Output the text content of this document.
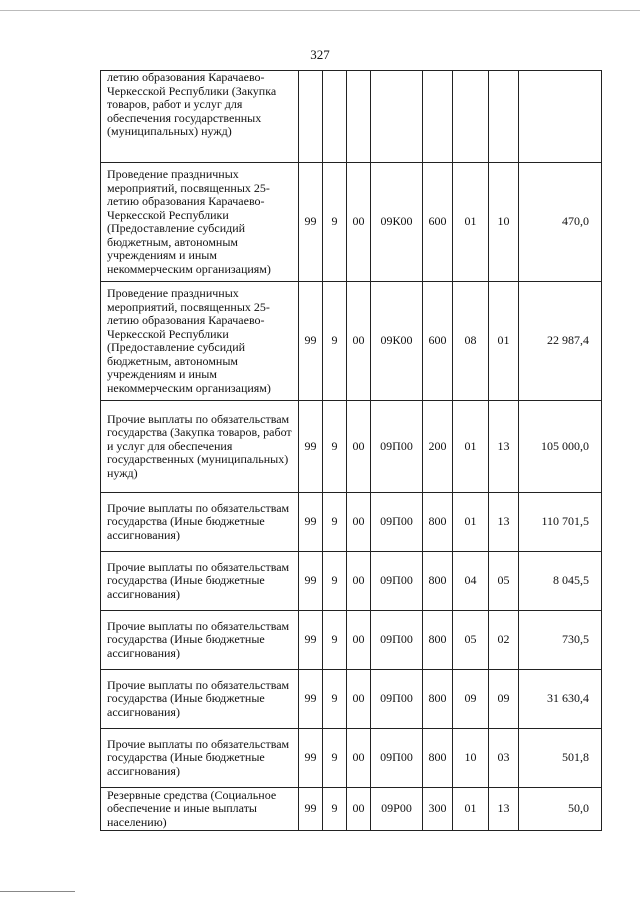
327
летию образования Карачаево-Черкесской Республики (Закупка товаров, работ и услуг для обеспечения государственных (муниципальных) нужд)								
Проведение праздничных мероприятий, посвященных 25-летию образования Карачаево-Черкесской Республики (Предоставление субсидий бюджетным, автономным учреждениям и иным некоммерческим организациям)	99	9	00	09К00	600	01	10	470,0
Проведение праздничных мероприятий, посвященных 25-летию образования Карачаево-Черкесской Республики (Предоставление субсидий бюджетным, автономным учреждениям и иным некоммерческим организациям)	99	9	00	09К00	600	08	01	22 987,4
Прочие выплаты по обязательствам государства (Закупка товаров, работ и услуг для обеспечения государственных (муниципальных) нужд)	99	9	00	09П00	200	01	13	105 000,0
Прочие выплаты по обязательствам государства (Иные бюджетные ассигнования)	99	9	00	09П00	800	01	13	110 701,5
Прочие выплаты по обязательствам государства (Иные бюджетные ассигнования)	99	9	00	09П00	800	04	05	8 045,5
Прочие выплаты по обязательствам государства (Иные бюджетные ассигнования)	99	9	00	09П00	800	05	02	730,5
Прочие выплаты по обязательствам государства (Иные бюджетные ассигнования)	99	9	00	09П00	800	09	09	31 630,4
Прочие выплаты по обязательствам государства (Иные бюджетные ассигнования)	99	9	00	09П00	800	10	03	501,8
Резервные средства (Социальное обеспечение и иные выплаты населению)	99	9	00	09Р00	300	01	13	50,0
